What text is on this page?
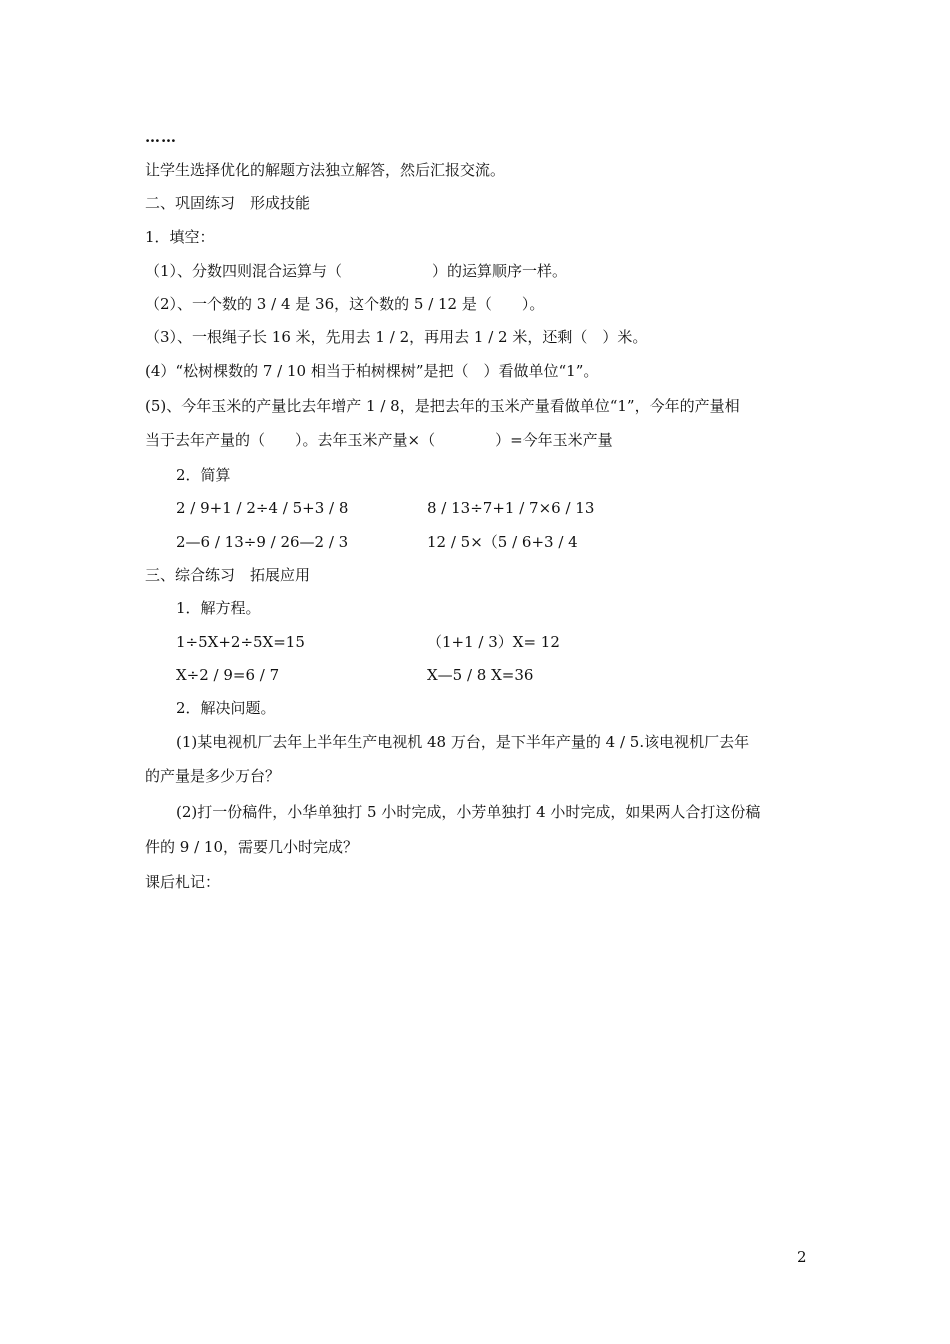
……
让学生选择优化的解题方法独立解答，然后汇报交流。
二、巩固练习　形成技能
1．填空：
（1）、分数四则混合运算与（　　　　　　）的运算顺序一样。
（2）、一个数的 3 / 4 是 36，这个数的 5 / 12 是（　　）。
（3）、一根绳子长 16 米，先用去 1 / 2，再用去 1 / 2 米，还剩（　）米。
(4）“松树棵数的 7 / 10 相当于柏树棵树”是把（　）看做单位“1”。
(5)、今年玉米的产量比去年增产 1 / 8，是把去年的玉米产量看做单位“1”，今年的产量相
当于去年产量的（　　）。去年玉米产量×（　　　　）=今年玉米产量
2．简算
2 / 9+1 / 2÷4 / 5+3 / 8	8 / 13÷7+1 / 7×6 / 13
2—6 / 13÷9 / 26—2 / 3	12 / 5×（5 / 6+3 / 4
三、综合练习　拓展应用
1．解方程。
1÷5X+2÷5X=15	（1+1 / 3）X= 12
X÷2 / 9=6 / 7	X—5 / 8 X=36
2．解决问题。
(1)某电视机厂去年上半年生产电视机 48 万台，是下半年产量的 4 / 5.该电视机厂去年
的产量是多少万台？
(2)打一份稿件，小华单独打 5 小时完成，小芳单独打 4 小时完成，如果两人合打这份稿
件的 9 / 10，需要几小时完成？
课后札记：
2
